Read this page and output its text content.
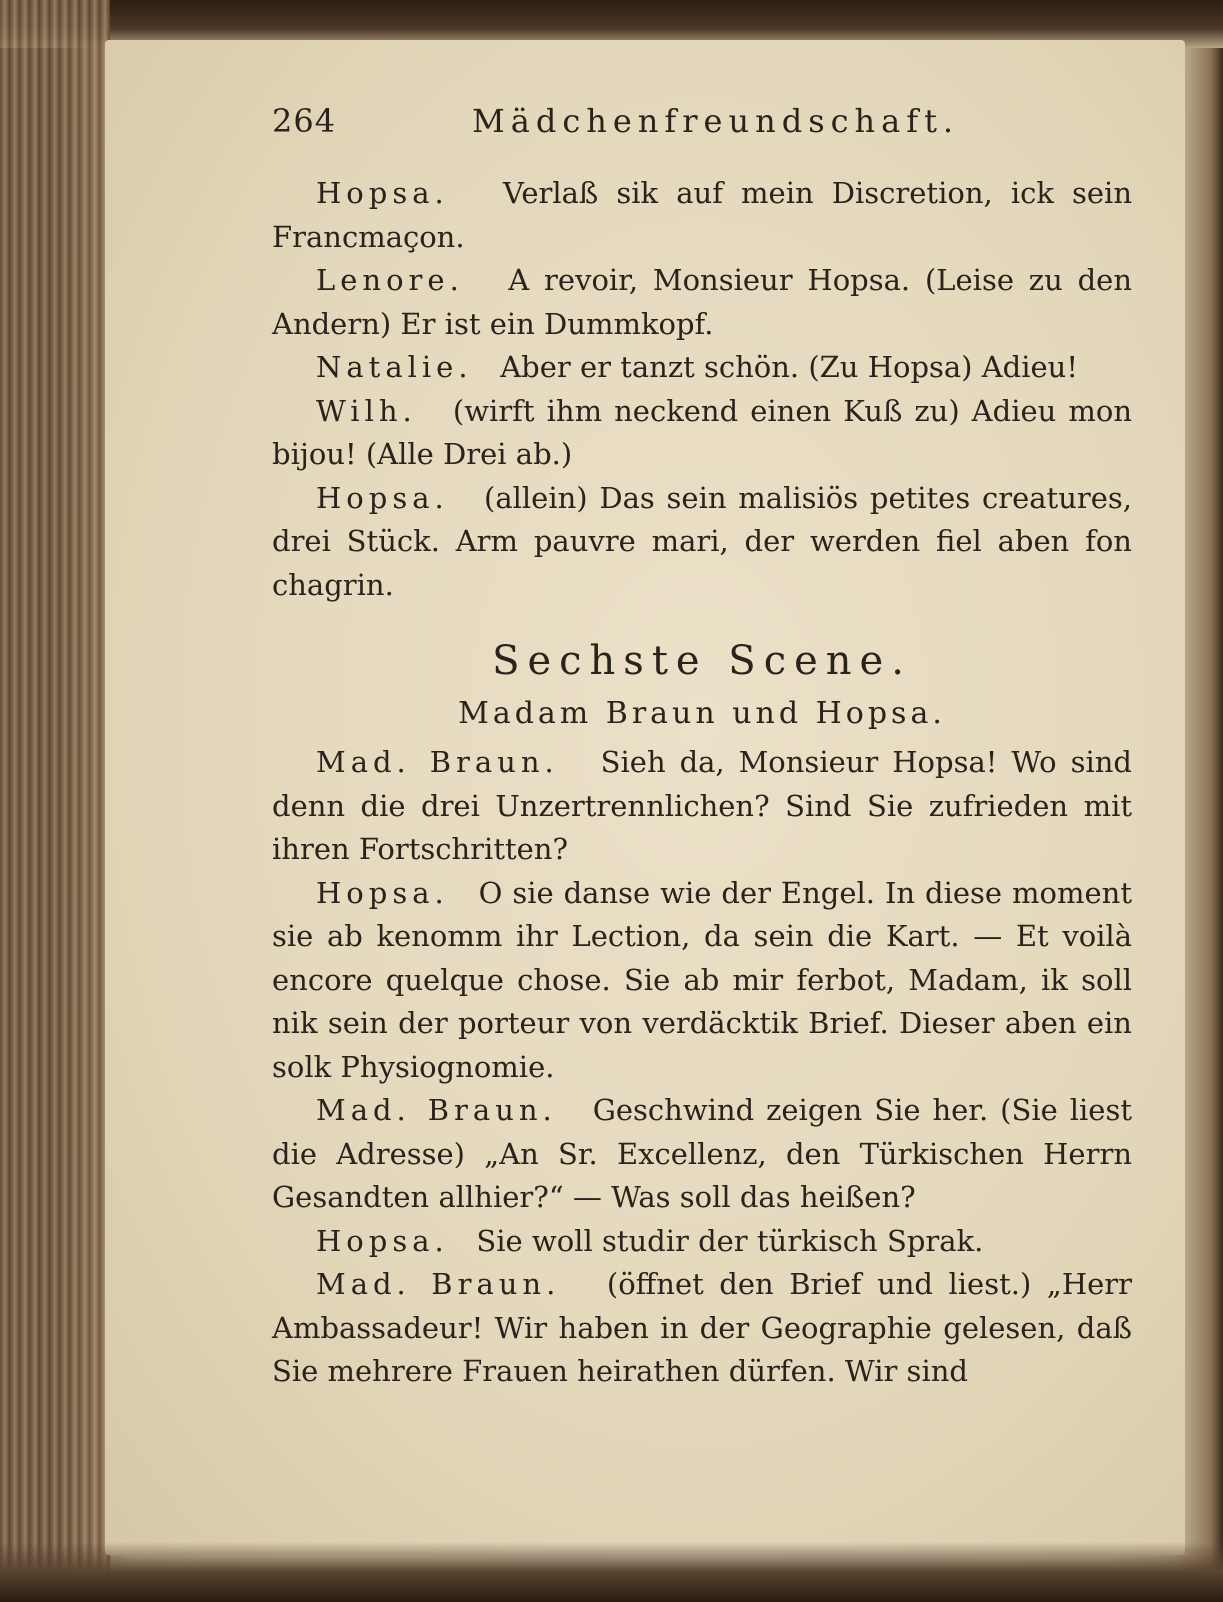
264	Mädchenfreundschaft.

Hopsa. Verlaß sik auf mein Discretion, ick sein Francmaçon.

Lenore. A revoir, Monsieur Hopsa. (Leise zu den Andern) Er ist ein Dummkopf.

Natalie. Aber er tanzt schön. (Zu Hopsa) Adieu!

Wilh. (wirft ihm neckend einen Kuß zu) Adieu mon bijou! (Alle Drei ab.)

Hopsa. (allein) Das sein malisiös petites creatures, drei Stück. Arm pauvre mari, der werden fiel aben fon chagrin.

Sechste Scene.
Madam Braun und Hopsa.

Mad. Braun. Sieh da, Monsieur Hopsa! Wo sind denn die drei Unzertrennlichen? Sind Sie zufrieden mit ihren Fortschritten?

Hopsa. O sie danse wie der Engel. In diese moment sie ab kenomm ihr Lection, da sein die Kart. — Et voilà encore quelque chose. Sie ab mir ferbot, Madam, ik soll nik sein der porteur von verdäcktik Brief. Dieser aben ein solk Physiognomie.

Mad. Braun. Geschwind zeigen Sie her. (Sie liest die Adresse) „An Sr. Excellenz, den Türkischen Herrn Gesandten allhier?“ — Was soll das heißen?

Hopsa. Sie woll studir der türkisch Sprak.

Mad. Braun. (öffnet den Brief und liest.) „Herr Ambassadeur! Wir haben in der Geographie gelesen, daß Sie mehrere Frauen heirathen dürfen. Wir sind
